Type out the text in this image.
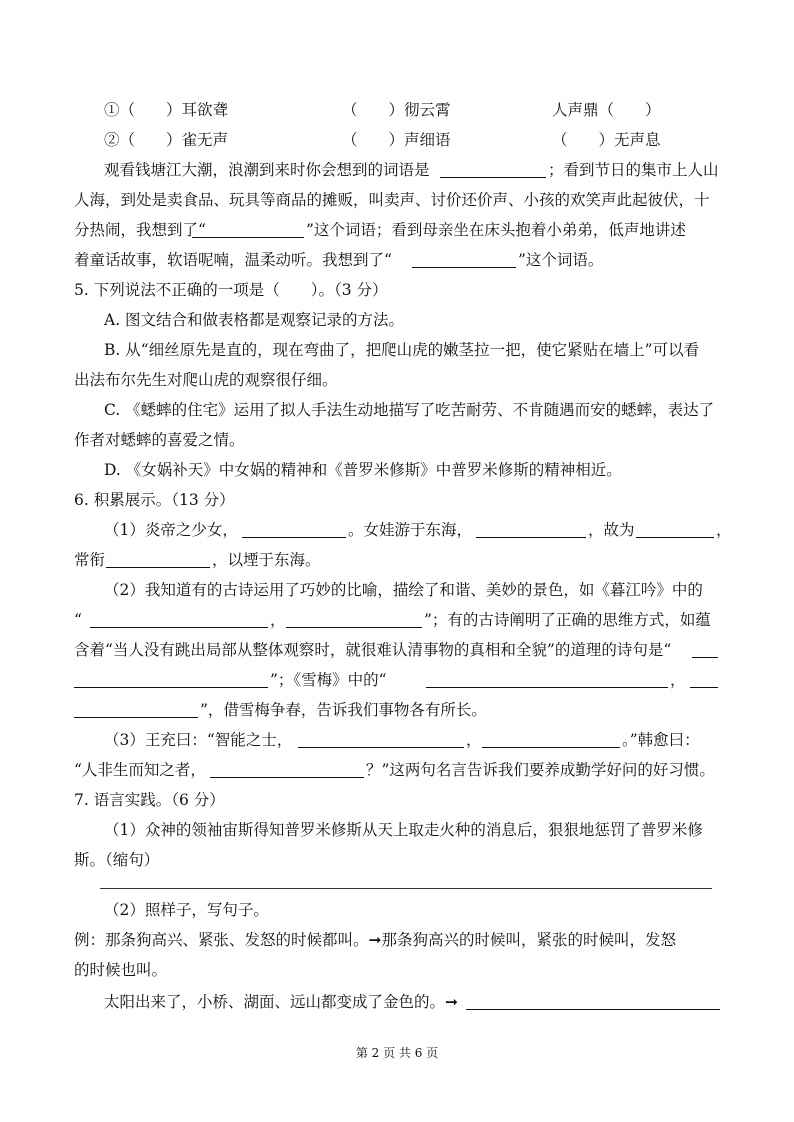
①（　　）耳欲聋	（　　）彻云霄	人声鼎（　　）
②（　　）雀无声	（　　）声细语	（　　）无声息
观看钱塘江大潮，浪潮到来时你会想到的词语是	；看到节日的集市上人山
人海，到处是卖食品、玩具等商品的摊贩，叫卖声、讨价还价声、小孩的欢笑声此起彼伏，十
分热闹，我想到了“	”这个词语；看到母亲坐在床头抱着小弟弟，低声地讲述
着童话故事，软语呢喃，温柔动听。我想到了“	”这个词语。
5. 下列说法不正确的一项是（　　）。（3 分）
A. 图文结合和做表格都是观察记录的方法。
B. 从“细丝原先是直的，现在弯曲了，把爬山虎的嫩茎拉一把，使它紧贴在墙上”可以看
出法布尔先生对爬山虎的观察很仔细。
C. 《蟋蟀的住宅》运用了拟人手法生动地描写了吃苦耐劳、不肯随遇而安的蟋蟀，表达了
作者对蟋蟀的喜爱之情。
D. 《女娲补天》中女娲的精神和《普罗米修斯》中普罗米修斯的精神相近。
6. 积累展示。（13 分）
（1）炎帝之少女，	。女娃游于东海，	，故为	，
常衔	，以堙于东海。
（2）我知道有的古诗运用了巧妙的比喻，描绘了和谐、美妙的景色，如《暮江吟》中的
“	，	”；有的古诗阐明了正确的思维方式，如蕴
含着“当人没有跳出局部从整体观察时，就很难认清事物的真相和全貌”的道理的诗句是“
”；《雪梅》中的“	，
”，借雪梅争春，告诉我们事物各有所长。
（3）王充曰：“智能之士，	，	。”韩愈曰：
“人非生而知之者，	？”这两句名言告诉我们要养成勤学好问的好习惯。
7. 语言实践。（6 分）
（1）众神的领袖宙斯得知普罗米修斯从天上取走火种的消息后，狠狠地惩罚了普罗米修
斯。（缩句）
（2）照样子，写句子。
例：那条狗高兴、紧张、发怒的时候都叫。➞那条狗高兴的时候叫，紧张的时候叫，发怒
的时候也叫。
太阳出来了，小桥、湖面、远山都变成了金色的。➞
第 2 页 共 6 页
